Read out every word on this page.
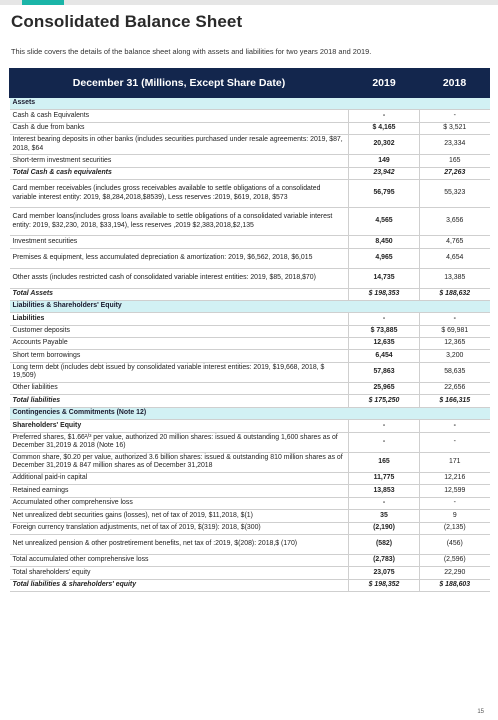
Consolidated Balance Sheet
This slide covers the details of the balance sheet along with assets and liabilities for two years 2018 and 2019.
December 31 (Millions, Except Share Date)	2019	2018
Assets		
Cash & cash Equivalents	-	-
Cash & due from banks	$ 4,165	$ 3,521
Interest bearing deposits in other banks (includes securities purchased under resale agreements: 2019, $87, 2018, $64	20,302	23,334
Short-term investment securities	149	165
Total Cash & cash equivalents	23,942	27,263
Card member receivables (includes gross receivables available to settle obligations of a consolidated variable interest entity: 2019, $8,284,2018,$8539), Less reserves :2019, $619, 2018, $573	56,795	55,323
Card member loans(includes gross loans available to settle obligations of a consolidated variable interest entity: 2019, $32,230, 2018, $33,194), less reserves ,2019 $2,383,2018,$2,135	4,565	3,656
Investment securities	8,450	4,765
Premises & equipment, less accumulated depreciation & amortization: 2019, $6,562, 2018, $6,015	4,965	4,654
Other assts (includes restricted cash of consolidated variable interest entities: 2019, $85, 2018,$70)	14,735	13,385
Total Assets	$ 198,353	$ 188,632
Liabilities & Shareholders' Equity		
Liabilities	-	-
Customer deposits	$ 73,885	$ 69,981
Accounts Payable	12,635	12,365
Short term borrowings	6,454	3,200
Long term debt (includes debt issued by consolidated variable interest entities: 2019, $19,668, 2018, $ 19,509)	57,863	58,635
Other liabilities	25,965	22,656
Total liabilities	$ 175,250	$ 166,315
Contingencies & Commitments (Note 12)		
Shareholders' Equity	-	-
Preferred shares, $1.66²/³ per value, authorized 20 million shares: issued & outstanding 1,600 shares as of December 31,2019 & 2018 (Note 16)	-	-
Common share, $0.20 per value, authorized 3.6 billion shares: issued & outstanding 810 million shares as of December 31,2019 & 847 million shares as of December 31,2018	165	171
Additional paid-in capital	11,775	12,216
Retained earnings	13,853	12,599
Accumulated other comprehensive loss	-	-
Net unrealized debt securities gains (losses), net of tax of 2019, $11,2018, $(1)	35	9
Foreign currency translation adjustments, net of tax of 2019, $(319): 2018, $(300)	(2,190)	(2,135)
Net unrealized pension & other postretirement benefits, net tax of :2019, $(208): 2018,$ (170)	(582)	(456)
Total accumulated other comprehensive loss	(2,783)	(2,596)
Total shareholders' equity	23,075	22,290
Total liabilities & shareholders' equity	$ 198,352	$ 188,603
15
